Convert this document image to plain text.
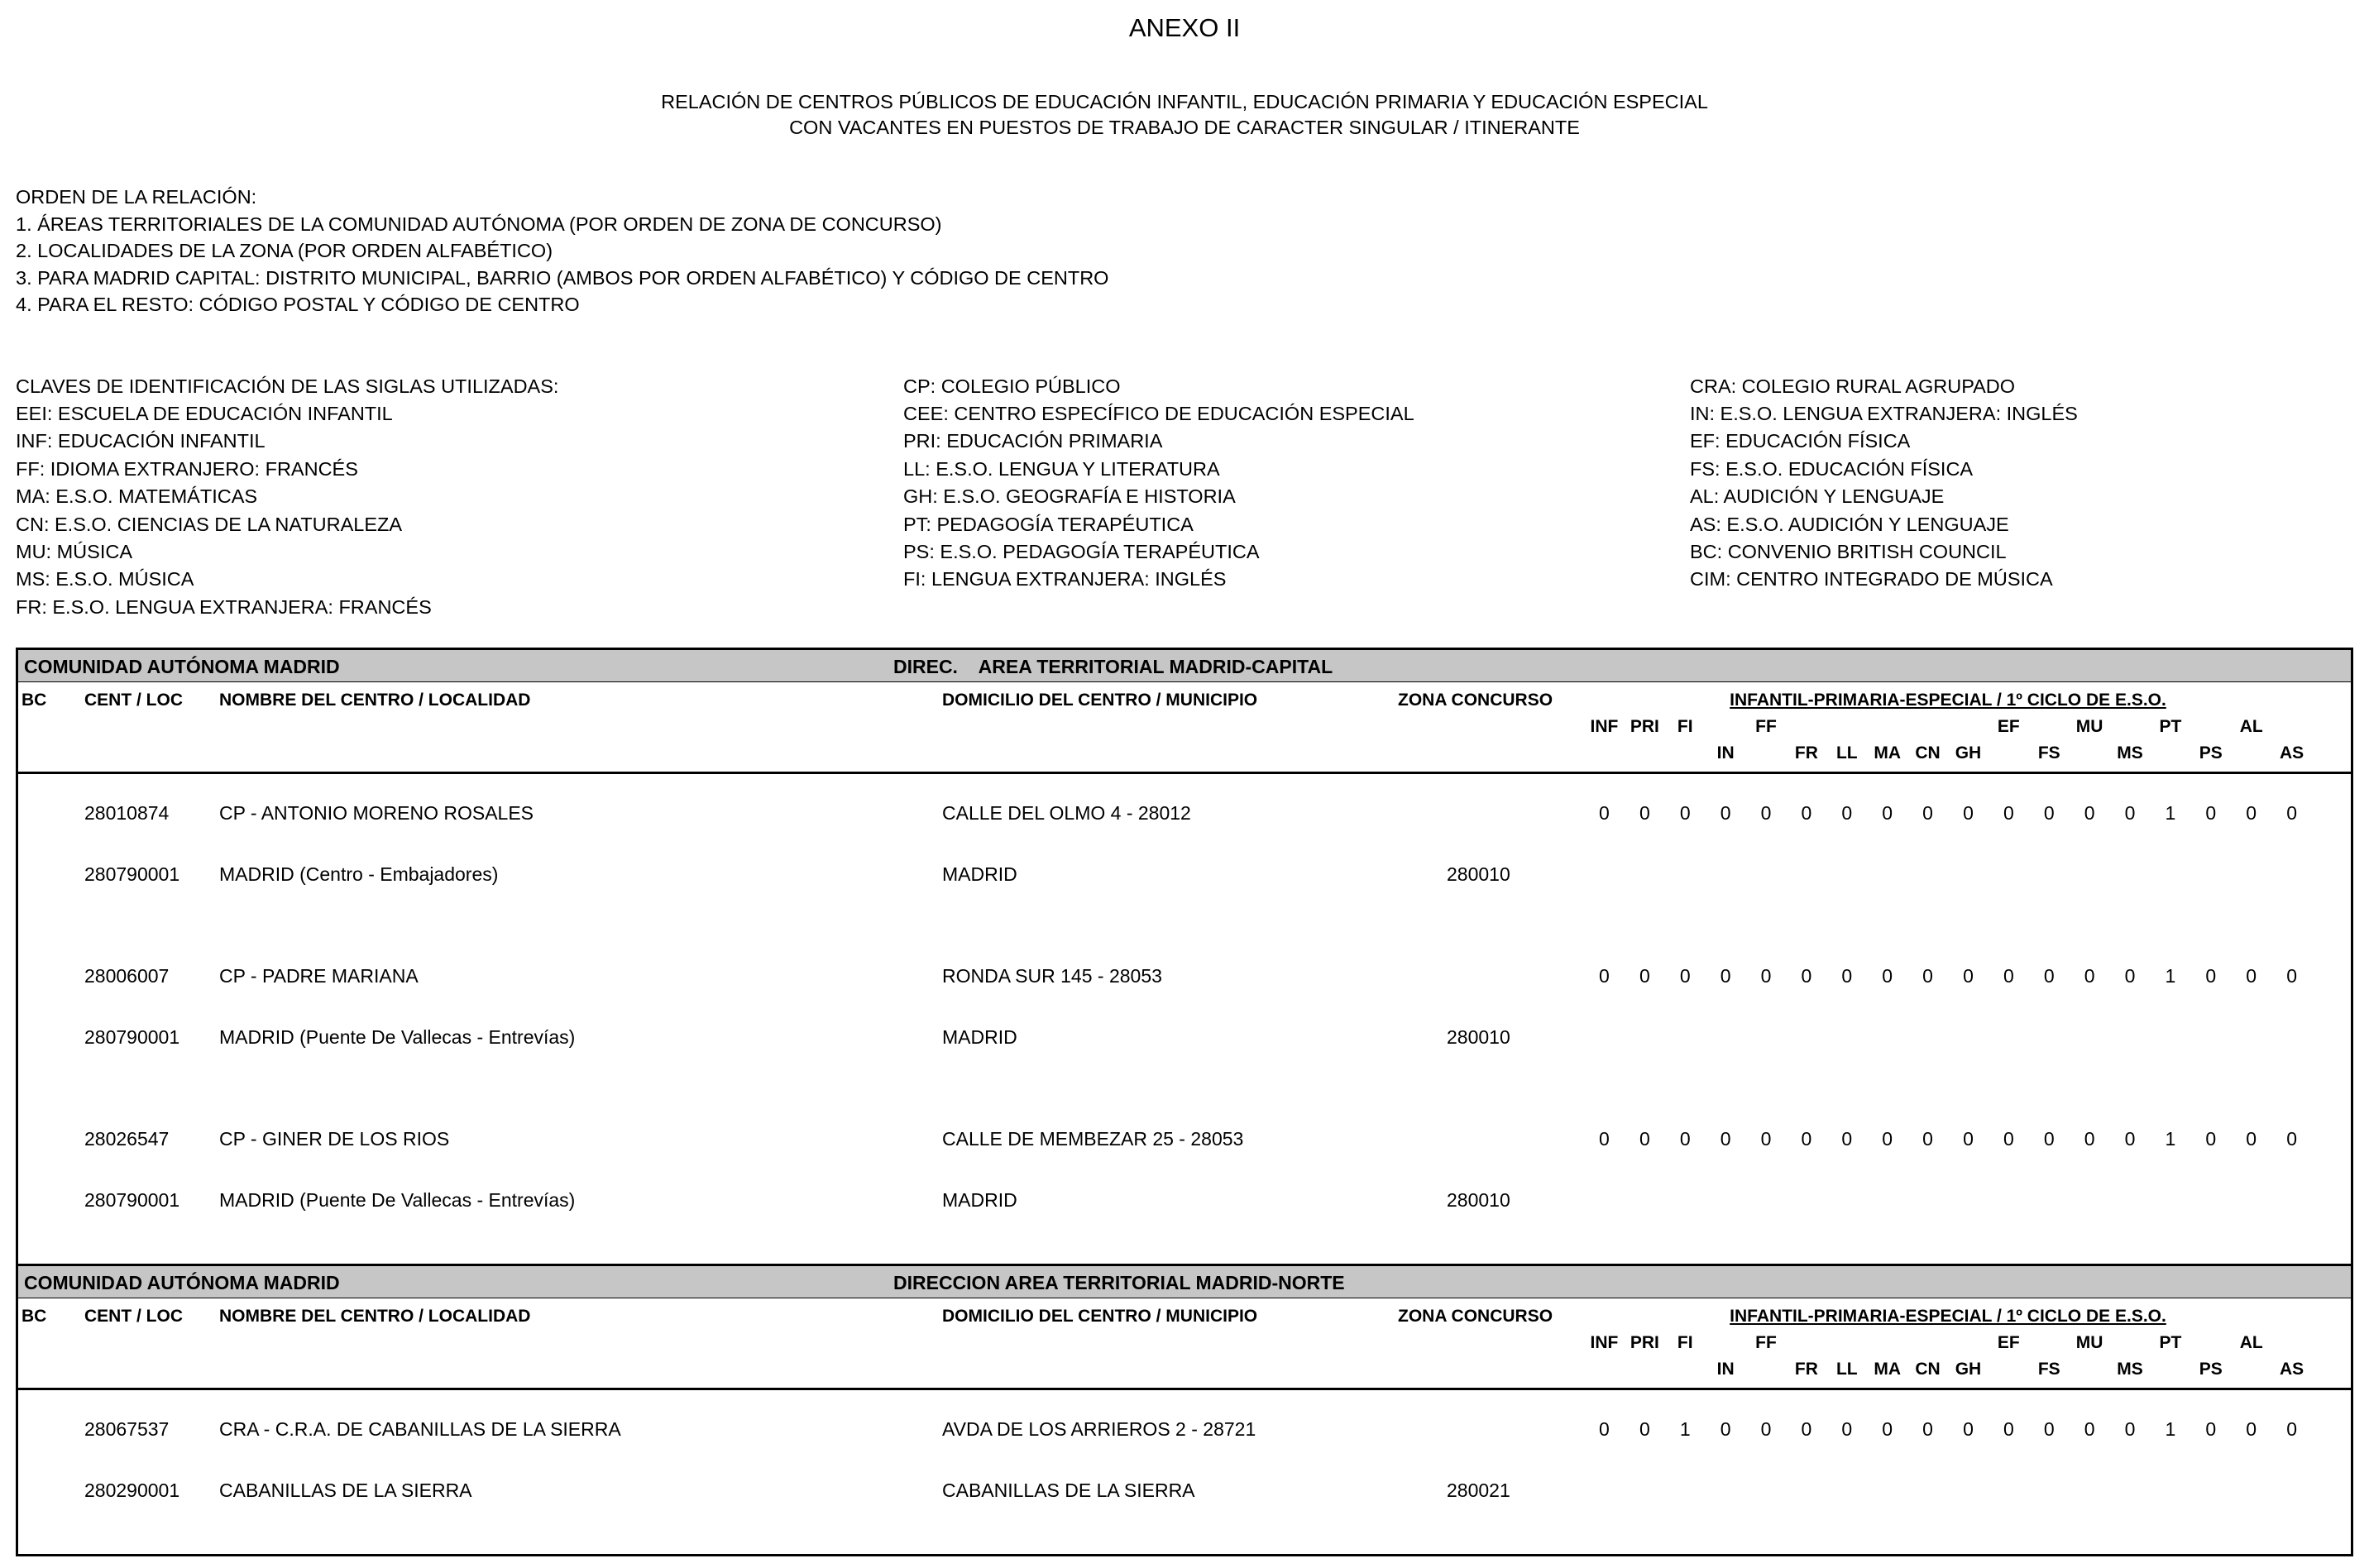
ANEXO II
RELACIÓN DE CENTROS PÚBLICOS DE EDUCACIÓN INFANTIL, EDUCACIÓN PRIMARIA Y EDUCACIÓN ESPECIAL
CON VACANTES EN PUESTOS DE TRABAJO DE CARACTER SINGULAR / ITINERANTE
ORDEN DE LA RELACIÓN:
1. ÁREAS TERRITORIALES DE LA COMUNIDAD AUTÓNOMA (POR ORDEN DE ZONA DE CONCURSO)
2. LOCALIDADES DE LA ZONA (POR ORDEN ALFABÉTICO)
3. PARA MADRID CAPITAL: DISTRITO MUNICIPAL, BARRIO (AMBOS POR ORDEN ALFABÉTICO) Y CÓDIGO DE CENTRO
4. PARA EL RESTO: CÓDIGO POSTAL Y CÓDIGO DE CENTRO
CLAVES DE IDENTIFICACIÓN DE LAS SIGLAS UTILIZADAS:
EEI: ESCUELA DE EDUCACIÓN INFANTIL
INF: EDUCACIÓN INFANTIL
FF: IDIOMA EXTRANJERO: FRANCÉS
MA: E.S.O. MATEMÁTICAS
CN: E.S.O. CIENCIAS DE LA NATURALEZA
MU: MÚSICA
MS: E.S.O. MÚSICA
FR: E.S.O. LENGUA EXTRANJERA: FRANCÉS
CP: COLEGIO PÚBLICO
CEE: CENTRO ESPECÍFICO DE EDUCACIÓN ESPECIAL
PRI: EDUCACIÓN PRIMARIA
LL: E.S.O. LENGUA Y LITERATURA
GH: E.S.O. GEOGRAFÍA E HISTORIA
PT: PEDAGOGÍA TERAPÉUTICA
PS: E.S.O. PEDAGOGÍA TERAPÉUTICA
FI: LENGUA EXTRANJERA: INGLÉS
CRA: COLEGIO RURAL AGRUPADO
IN: E.S.O. LENGUA EXTRANJERA: INGLÉS
EF: EDUCACIÓN FÍSICA
FS: E.S.O. EDUCACIÓN FÍSICA
AL: AUDICIÓN Y LENGUAJE
AS: E.S.O. AUDICIÓN Y LENGUAJE
BC: CONVENIO BRITISH COUNCIL
CIM: CENTRO INTEGRADO DE MÚSICA
COMUNIDAD AUTÓNOMA MADRID	DIREC.    AREA TERRITORIAL MADRID-CAPITAL
BC CENT / LOC NOMBRE DEL CENTRO / LOCALIDAD	DOMICILIO DEL CENTRO / MUNICIPIO	ZONA CONCURSO	INFANTIL-PRIMARIA-ESPECIAL / 1º CICLO DE E.S.O.
INF PRI	FI	FF	EF	MU	PT	AL
IN	FR	LL MA CN GH	FS	MS	PS	AS
28010874	CP - ANTONIO MORENO ROSALES	CALLE DEL OLMO 4 - 28012	0	0	0	0	0	0	0	0	0	0	0	0	0	0	1	0	0	0
280790001 MADRID (Centro - Embajadores)	MADRID	280010
28006007	CP - PADRE MARIANA	RONDA SUR 145 - 28053	0	0	0	0	0	0	0	0	0	0	0	0	0	0	1	0	0	0
280790001 MADRID (Puente De Vallecas - Entrevías)	MADRID	280010
28026547	CP - GINER DE LOS RIOS	CALLE DE MEMBEZAR 25 - 28053	0	0	0	0	0	0	0	0	0	0	0	0	0	0	1	0	0	0
280790001 MADRID (Puente De Vallecas - Entrevías)	MADRID	280010
COMUNIDAD AUTÓNOMA MADRID	DIRECCION AREA TERRITORIAL MADRID-NORTE
BC CENT / LOC NOMBRE DEL CENTRO / LOCALIDAD	DOMICILIO DEL CENTRO / MUNICIPIO	ZONA CONCURSO	INFANTIL-PRIMARIA-ESPECIAL / 1º CICLO DE E.S.O.
INF PRI	FI	FF	EF	MU	PT	AL
IN	FR	LL MA CN GH	FS	MS	PS	AS
28067537	CRA - C.R.A. DE CABANILLAS DE LA SIERRA	AVDA DE LOS ARRIEROS 2 - 28721	0	0	1	0	0	0	0	0	0	0	0	0	0	0	1	0	0	0
280290001 CABANILLAS DE LA SIERRA	CABANILLAS DE LA SIERRA	280021
